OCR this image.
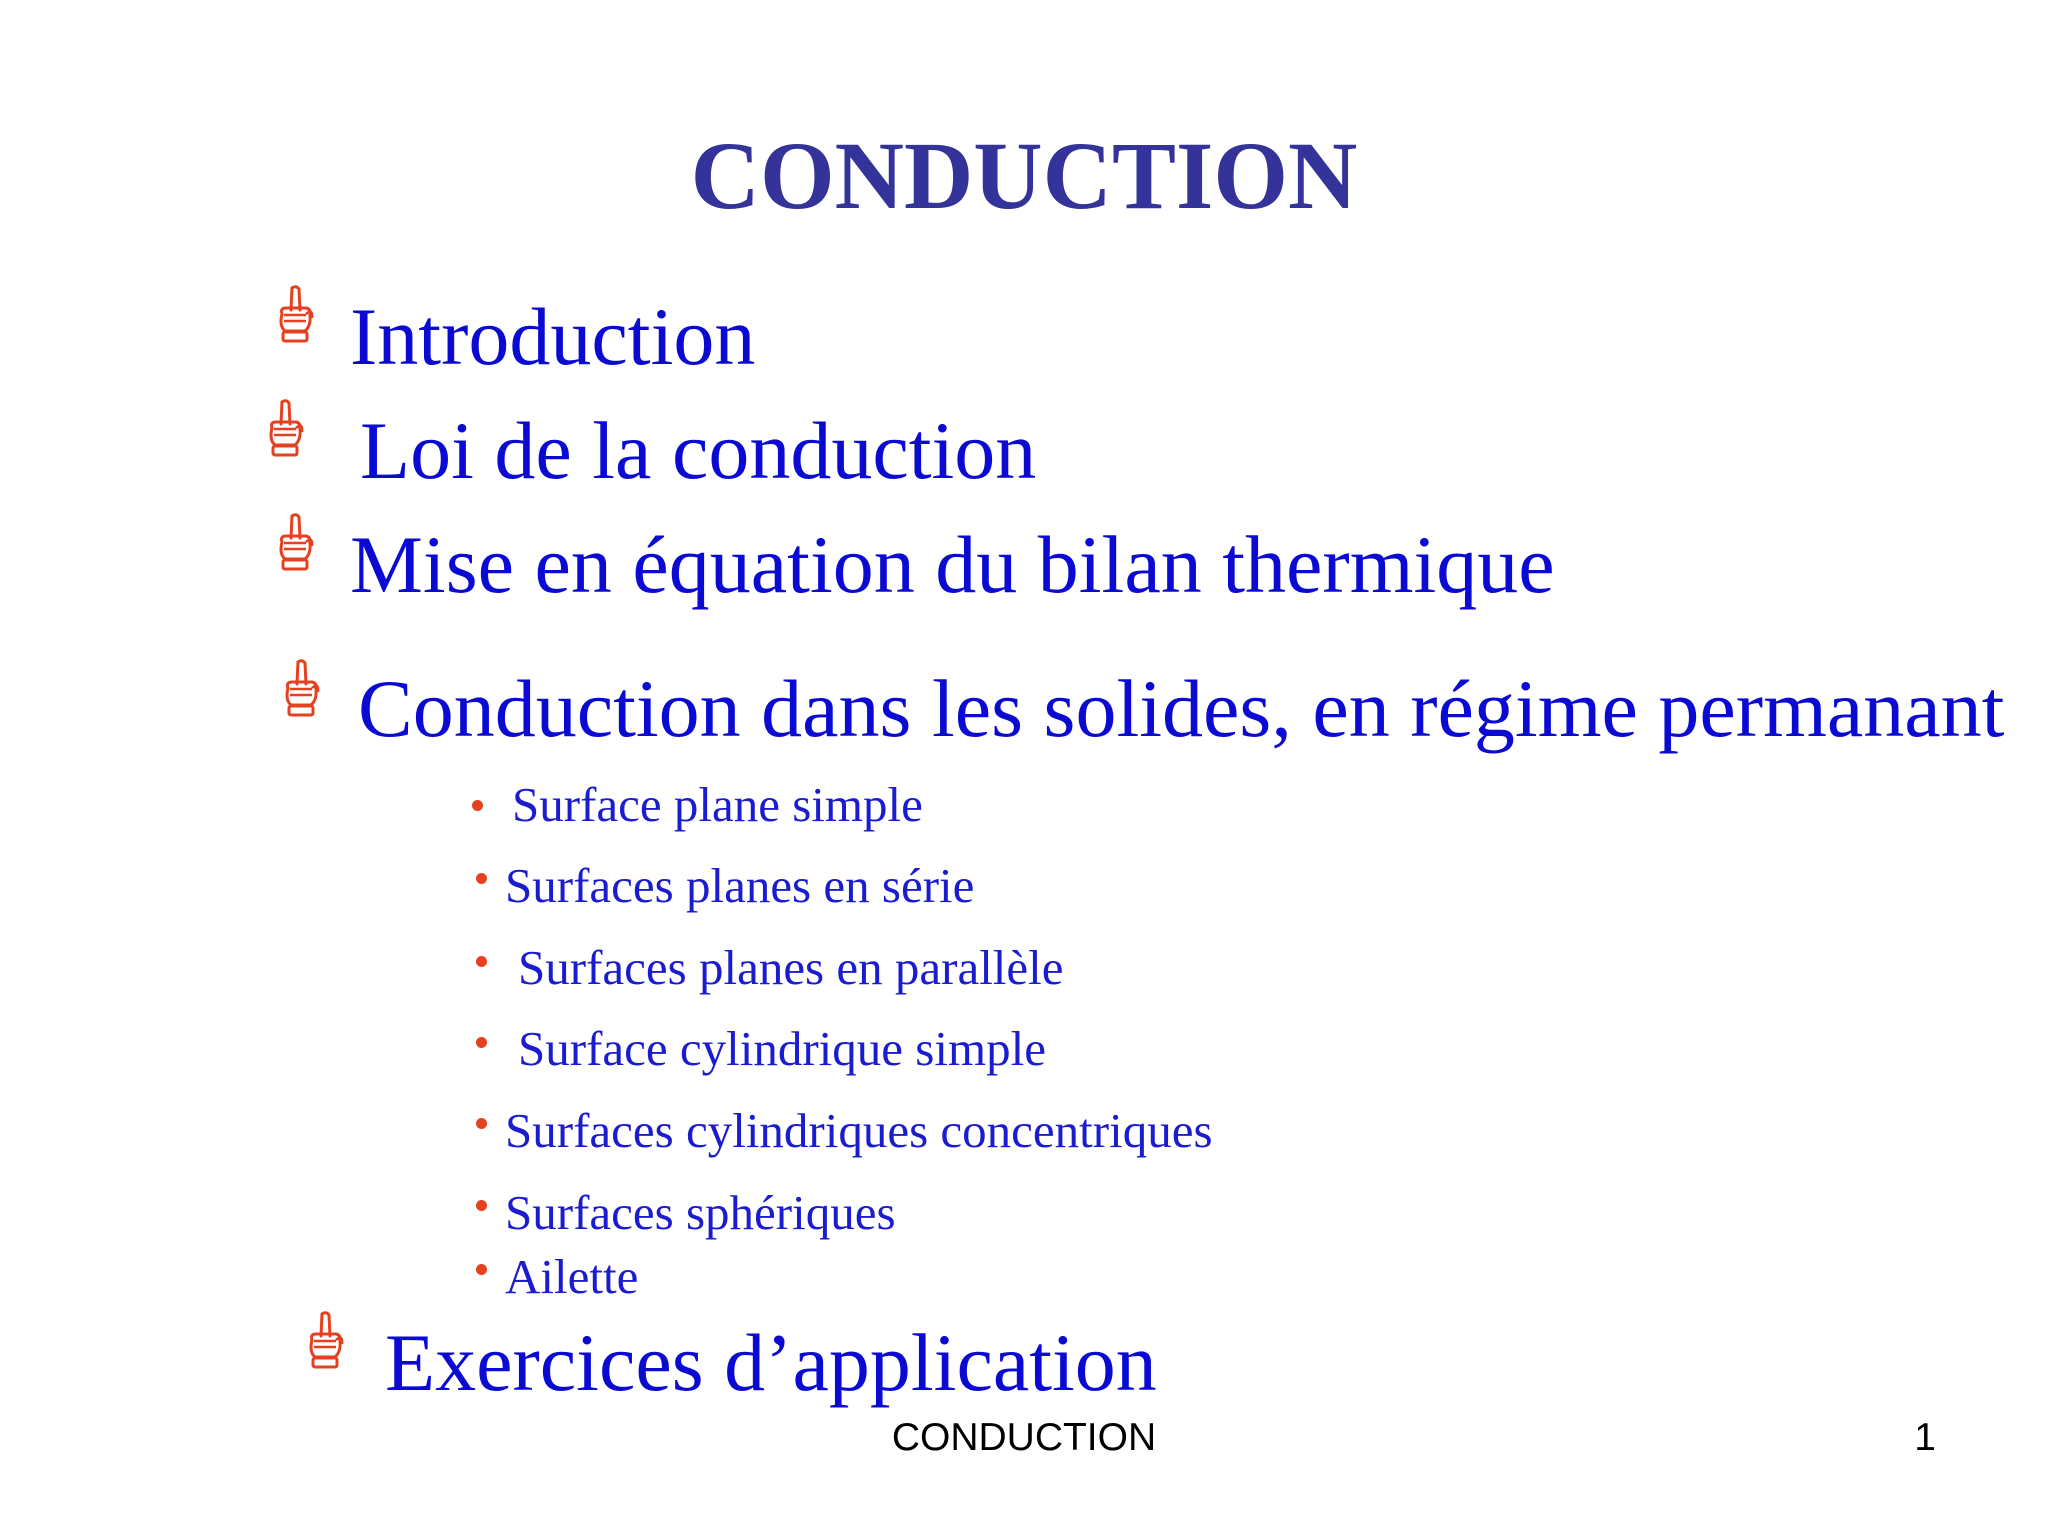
CONDUCTION
Introduction
Loi de la conduction
Mise en équation du bilan thermique
Conduction dans les solides, en régime permanant
Surface plane simple
Surfaces planes en série
Surfaces planes en parallèle
Surface cylindrique simple
Surfaces cylindriques concentriques
Surfaces sphériques
Ailette
Exercices d’application
CONDUCTION	1
